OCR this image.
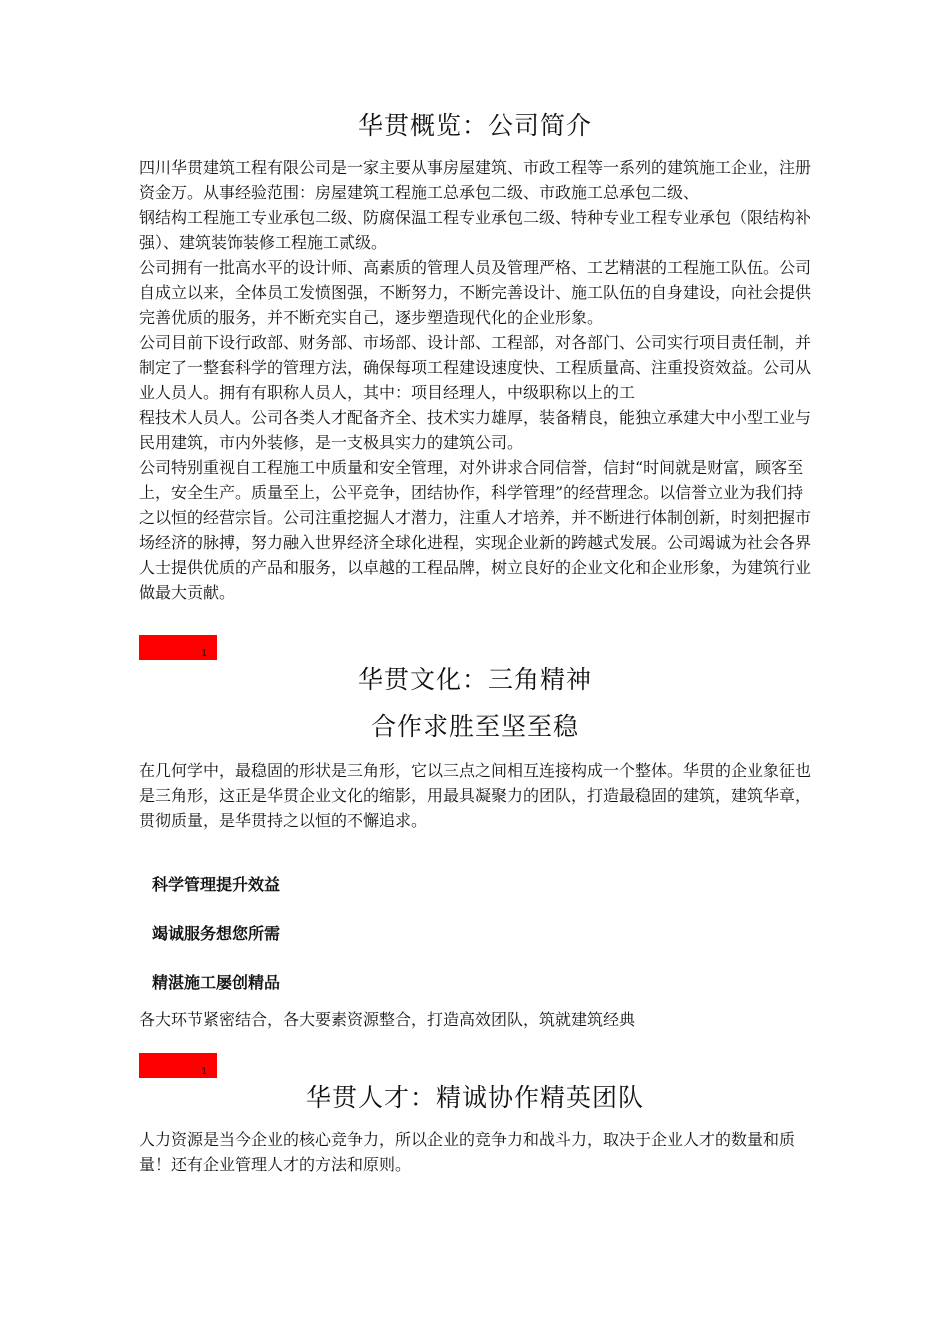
华贯概览：公司简介

四川华贯建筑工程有限公司是一家主要从事房屋建筑、市政工程等一系列的建筑施工企业，注册资金万。从事经验范围：房屋建筑工程施工总承包二级、市政施工总承包二级、

钢结构工程施工专业承包二级、防腐保温工程专业承包二级、特种专业工程专业承包（限结构补强）、建筑装饰装修工程施工贰级。

公司拥有一批高水平的设计师、高素质的管理人员及管理严格、工艺精湛的工程施工队伍。公司自成立以来，全体员工发愤图强，不断努力，不断完善设计、施工队伍的自身建设，向社会提供完善优质的服务，并不断充实自己，逐步塑造现代化的企业形象。

公司目前下设行政部、财务部、市场部、设计部、工程部，对各部门、公司实行项目责任制，并制定了一整套科学的管理方法，确保每项工程建设速度快、工程质量高、注重投资效益。公司从业人员人。拥有有职称人员人，其中：项目经理人，中级职称以上的工

程技术人员人。公司各类人才配备齐全、技术实力雄厚，装备精良，能独立承建大中小型工业与民用建筑，市内外装修，是一支极具实力的建筑公司。

公司特别重视自工程施工中质量和安全管理，对外讲求合同信誉，信封“时间就是财富，顾客至上，安全生产。质量至上，公平竞争，团结协作，科学管理”的经营理念。以信誉立业为我们持之以恒的经营宗旨。公司注重挖掘人才潜力，注重人才培养，并不断进行体制创新，时刻把握市场经济的脉搏，努力融入世界经济全球化进程，实现企业新的跨越式发展。公司竭诚为社会各界人士提供优质的产品和服务，以卓越的工程品牌，树立良好的企业文化和企业形象，为建筑行业做最大贡献。

1
华贯文化：三角精神
合作求胜至坚至稳

在几何学中，最稳固的形状是三角形，它以三点之间相互连接构成一个整体。华贯的企业象征也是三角形，这正是华贯企业文化的缩影，用最具凝聚力的团队，打造最稳固的建筑，建筑华章，贯彻质量，是华贯持之以恒的不懈追求。

科学管理提升效益
竭诚服务想您所需
精湛施工屡创精品

各大环节紧密结合，各大要素资源整合，打造高效团队，筑就建筑经典

1
华贯人才：精诚协作精英团队

人力资源是当今企业的核心竞争力，所以企业的竞争力和战斗力，取决于企业人才的数量和质量！还有企业管理人才的方法和原则。
